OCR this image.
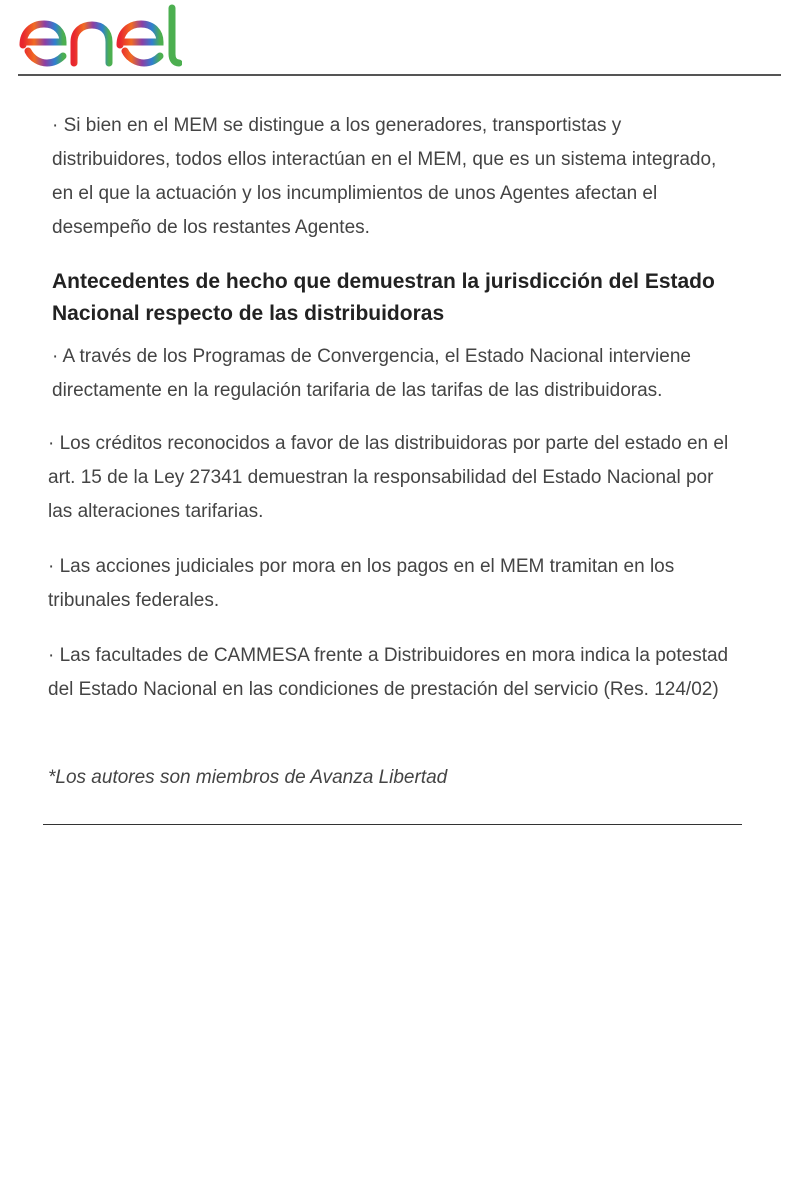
· Si bien en el MEM se distingue a los generadores, transportistas y distribuidores, todos ellos interactúan en el MEM, que es un sistema integrado, en el que la actuación y los incumplimientos de unos Agentes afectan el desempeño de los restantes Agentes.

Antecedentes de hecho que demuestran la jurisdicción del Estado Nacional respecto de las distribuidoras

· A través de los Programas de Convergencia, el Estado Nacional interviene directamente en la regulación tarifaria de las tarifas de las distribuidoras.

· Los créditos reconocidos a favor de las distribuidoras por parte del estado en el art. 15 de la Ley 27341 demuestran la responsabilidad del Estado Nacional por las alteraciones tarifarias.

· Las acciones judiciales por mora en los pagos en el MEM tramitan en los tribunales federales.

· Las facultades de CAMMESA frente a Distribuidores en mora indica la potestad del Estado Nacional en las condiciones de prestación del servicio (Res. 124/02)

*Los autores son miembros de Avanza Libertad
